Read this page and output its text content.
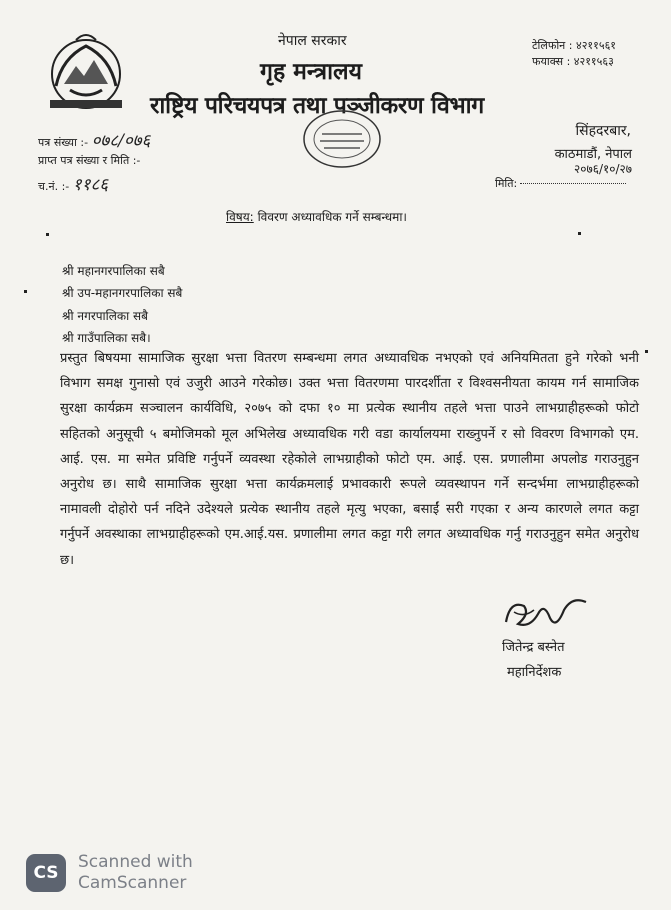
नेपाल सरकार
गृह मन्त्रालय
राष्ट्रिय परिचयपत्र तथा पञ्जीकरण विभाग
टेलिफोन : ४२११५६१
फयाक्स : ४२११५६३
पत्र संख्या :- ०७८/०७६
प्राप्त पत्र संख्या र मिति :-
च.नं. :- ११८६
सिंहदरबार,
काठमाडौं, नेपाल
२०७६/१०/२७
मिति:
विषय: विवरण अध्यावधिक गर्ने सम्बन्धमा।
श्री महानगरपालिका सबै
श्री उप-महानगरपालिका सबै
श्री नगरपालिका सबै
श्री गाउँपालिका सबै।
प्रस्तुत बिषयमा सामाजिक सुरक्षा भत्ता वितरण सम्बन्धमा लगत अध्यावधिक नभएको एवं अनियमितता हुने गरेको भनी विभाग समक्ष गुनासो एवं उजुरी आउने गरेकोछ। उक्त भत्ता वितरणमा पारदर्शीता र विश्वसनीयता कायम गर्न सामाजिक सुरक्षा कार्यक्रम सञ्चालन कार्यविधि, २०७५ को दफा १० मा प्रत्येक स्थानीय तहले भत्ता पाउने लाभग्राहीहरूको फोटो सहितको अनुसूची ५ बमोजिमको मूल अभिलेख अध्यावधिक गरी वडा कार्यालयमा राख्नुपर्ने र सो विवरण विभागको एम. आई. एस. मा समेत प्रविष्टि गर्नुपर्ने व्यवस्था रहेकोले लाभग्राहीको फोटो एम. आई. एस. प्रणालीमा अपलोड गराउनुहुन अनुरोध छ। साथै सामाजिक सुरक्षा भत्ता कार्यक्रमलाई प्रभावकारी रूपले व्यवस्थापन गर्ने सन्दर्भमा लाभग्राहीहरूको नामावली दोहोरो पर्न नदिने उदेश्यले प्रत्येक स्थानीय तहले मृत्यु भएका, बसाईं सरी गएका र अन्य कारणले लगत कट्टा गर्नुपर्ने अवस्थाका लाभग्राहीहरूको एम.आई.यस. प्रणालीमा लगत कट्टा गरी लगत अध्यावधिक गर्नु गराउनुहुन समेत अनुरोध छ।
जितेन्द्र बस्नेत
महानिर्देशक
CS
Scanned with
CamScanner
